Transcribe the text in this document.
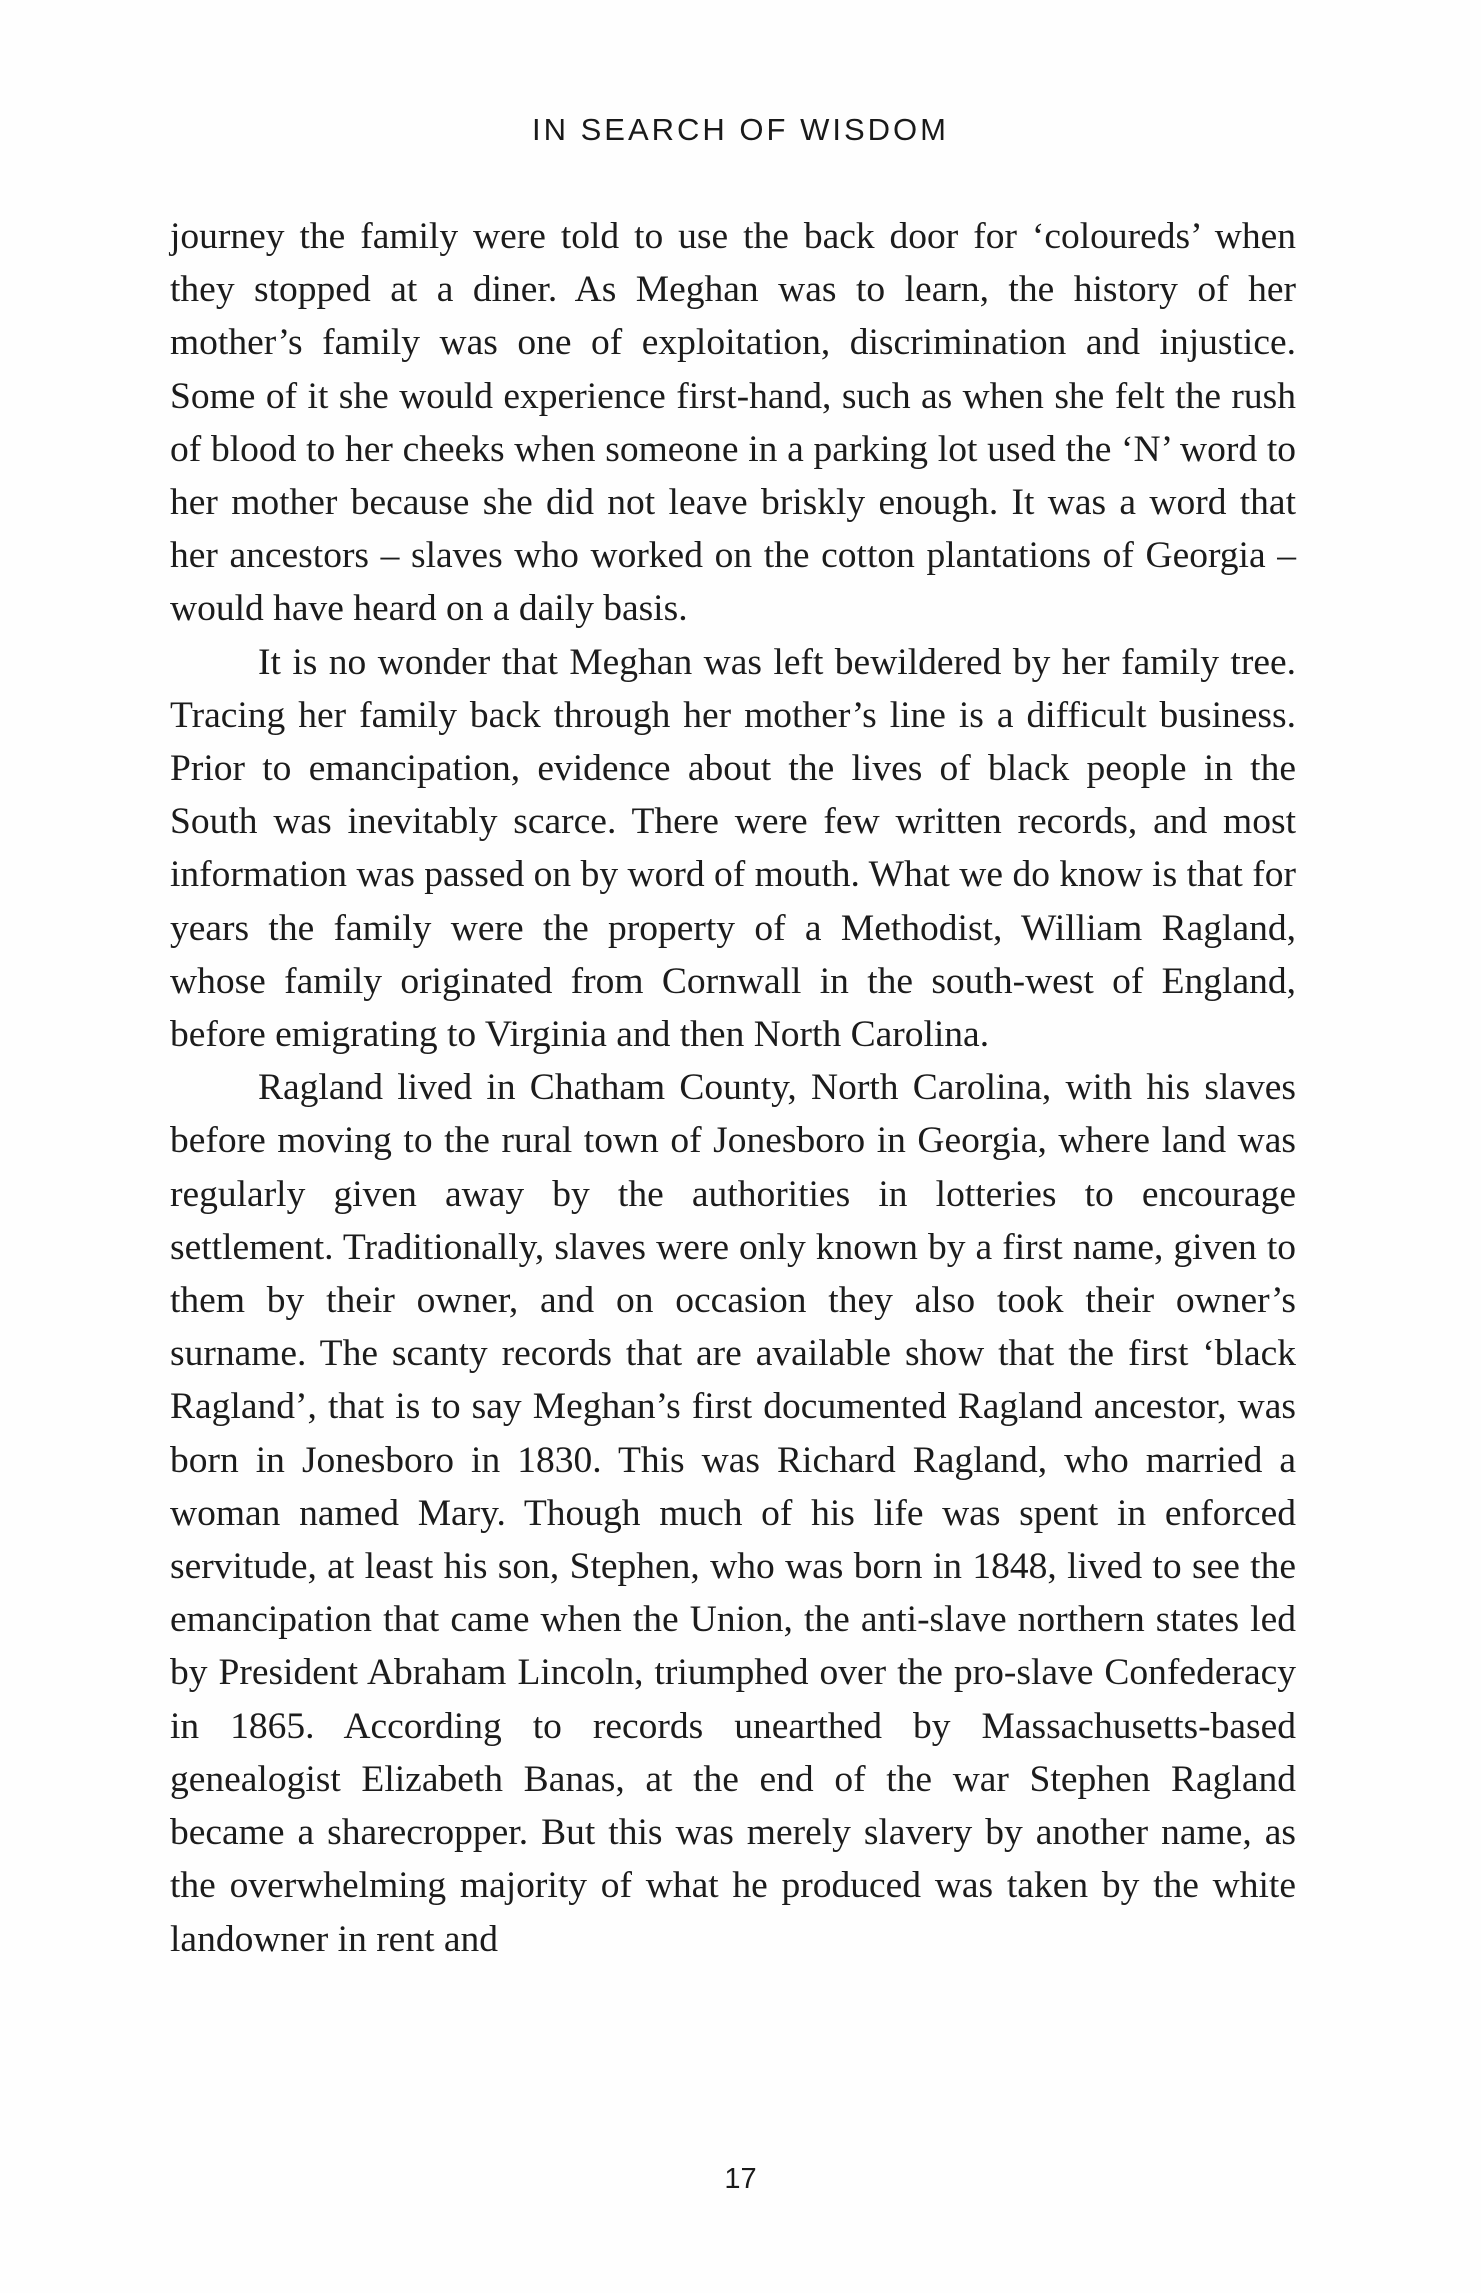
IN SEARCH OF WISDOM

journey the family were told to use the back door for ‘coloureds’ when they stopped at a diner. As Meghan was to learn, the history of her mother’s family was one of exploitation, discrimination and injustice. Some of it she would experience first-hand, such as when she felt the rush of blood to her cheeks when someone in a parking lot used the ‘N’ word to her mother because she did not leave briskly enough. It was a word that her ancestors – slaves who worked on the cotton plantations of Georgia – would have heard on a daily basis.

It is no wonder that Meghan was left bewildered by her family tree. Tracing her family back through her mother’s line is a difficult business. Prior to emancipation, evidence about the lives of black people in the South was inevitably scarce. There were few written records, and most information was passed on by word of mouth. What we do know is that for years the family were the property of a Methodist, William Ragland, whose family originated from Cornwall in the south-west of England, before emigrating to Virginia and then North Carolina.

Ragland lived in Chatham County, North Carolina, with his slaves before moving to the rural town of Jonesboro in Georgia, where land was regularly given away by the authorities in lotteries to encourage settlement. Traditionally, slaves were only known by a first name, given to them by their owner, and on occasion they also took their owner’s surname. The scanty records that are available show that the first ‘black Ragland’, that is to say Meghan’s first documented Ragland ancestor, was born in Jonesboro in 1830. This was Richard Ragland, who married a woman named Mary. Though much of his life was spent in enforced servitude, at least his son, Stephen, who was born in 1848, lived to see the emancipation that came when the Union, the anti-slave northern states led by President Abraham Lincoln, triumphed over the pro-slave Confederacy in 1865. According to records unearthed by Massachusetts-based genealogist Elizabeth Banas, at the end of the war Stephen Ragland became a sharecropper. But this was merely slavery by another name, as the overwhelming majority of what he produced was taken by the white landowner in rent and

17
